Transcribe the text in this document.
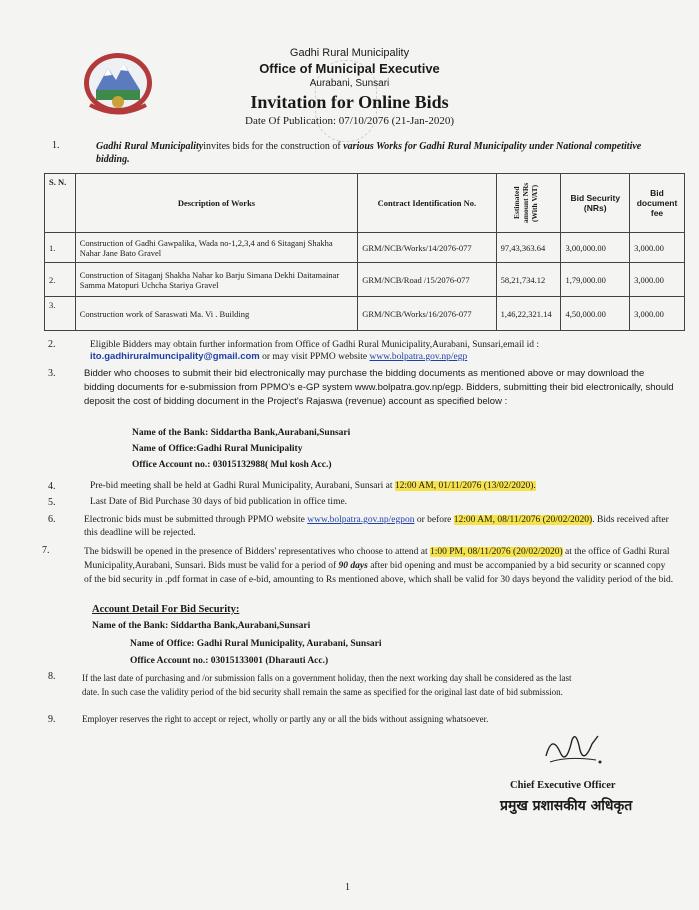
Gadhi Rural Municipality
Office of Municipal Executive
Aurabani, Sunsari
Invitation for Online Bids
Date Of Publication: 07/10/2076 (21-Jan-2020)
1.	Gadhi Rural Municipalityinvites bids for the construction of various Works for Gadhi Rural Municipality under National competitive bidding.
S. N.	Description of Works	Contract Identification No.	Estimated amount NRs (With VAT)	Bid Security (NRs)	Bid document fee
1.	Construction of Gadhi Gawpalika, Wada no-1,2,3,4 and 6 Sitaganj Shakha Nahar Jane Bato Gravel	GRM/NCB/Works/14/2076-077	97,43,363.64	3,00,000.00	3,000.00
2.	Construction of Sitaganj Shakha Nahar ko Barju Simana Dekhi Daitamainar Samma Matopuri Uchcha Stariya Gravel	GRM/NCB/Road /15/2076-077	58,21,734.12	1,79,000.00	3,000.00
3.	Construction work of Saraswati Ma. Vi . Building	GRM/NCB/Works/16/2076-077	1,46,22,321.14	4,50,000.00	3,000.00
2.	Eligible Bidders may obtain further information from Office of Gadhi Rural Municipality,Aurabani, Sunsari,email id :
ito.gadhiruralmuncipality@gmail.com or may visit PPMO website www.bolpatra.gov.np/egp
3.	Bidder who chooses to submit their bid electronically may purchase the bidding documents as mentioned above or may download the bidding documents for e-submission from PPMO's e-GP system www.bolpatra.gov.np/egp. Bidders, submitting their bid electronically, should deposit the cost of bidding document in the Project's Rajaswa (revenue) account as specified below :
Name of the Bank: Siddartha Bank,Aurabani,Sunsari
Name of Office:Gadhi Rural Municipality
Office Account no.: 03015132988( Mul kosh Acc.)
4.	Pre-bid meeting shall be held at Gadhi Rural Municipality, Aurabani, Sunsari at 12:00 AM, 01/11/2076 (13/02/2020).
5.	Last Date of Bid Purchase 30 days of bid publication in office time.
6.	Electronic bids must be submitted through PPMO website www.bolpatra.gov.np/egpon or before 12:00 AM, 08/11/2076 (20/02/2020). Bids received after this deadline will be rejected.
7.	The bidswill be opened in the presence of Bidders' representatives who choose to attend at 1:00 PM, 08/11/2076 (20/02/2020) at the office of Gadhi Rural Municipality,Aurabani, Sunsari. Bids must be valid for a period of 90 days after bid opening and must be accompanied by a bid security or scanned copy of the bid security in .pdf format in case of e-bid, amounting to Rs mentioned above, which shall be valid for 30 days beyond the validity period of the bid.
Account Detail For Bid Security:
Name of the Bank: Siddartha Bank,Aurabani,Sunsari
Name of Office: Gadhi Rural Municipality, Aurabani, Sunsari
Office Account no.: 03015133001 (Dharauti Acc.)
8.	If the last date of purchasing and /or submission falls on a government holiday, then the next working day shall be considered as the last date. In such case the validity period of the bid security shall remain the same as specified for the original last date of bid submission.
9.	Employer reserves the right to accept or reject, wholly or partly any or all the bids without assigning whatsoever.
Chief Executive Officer
प्रमुख प्रशासकीय अधिकृत
1
